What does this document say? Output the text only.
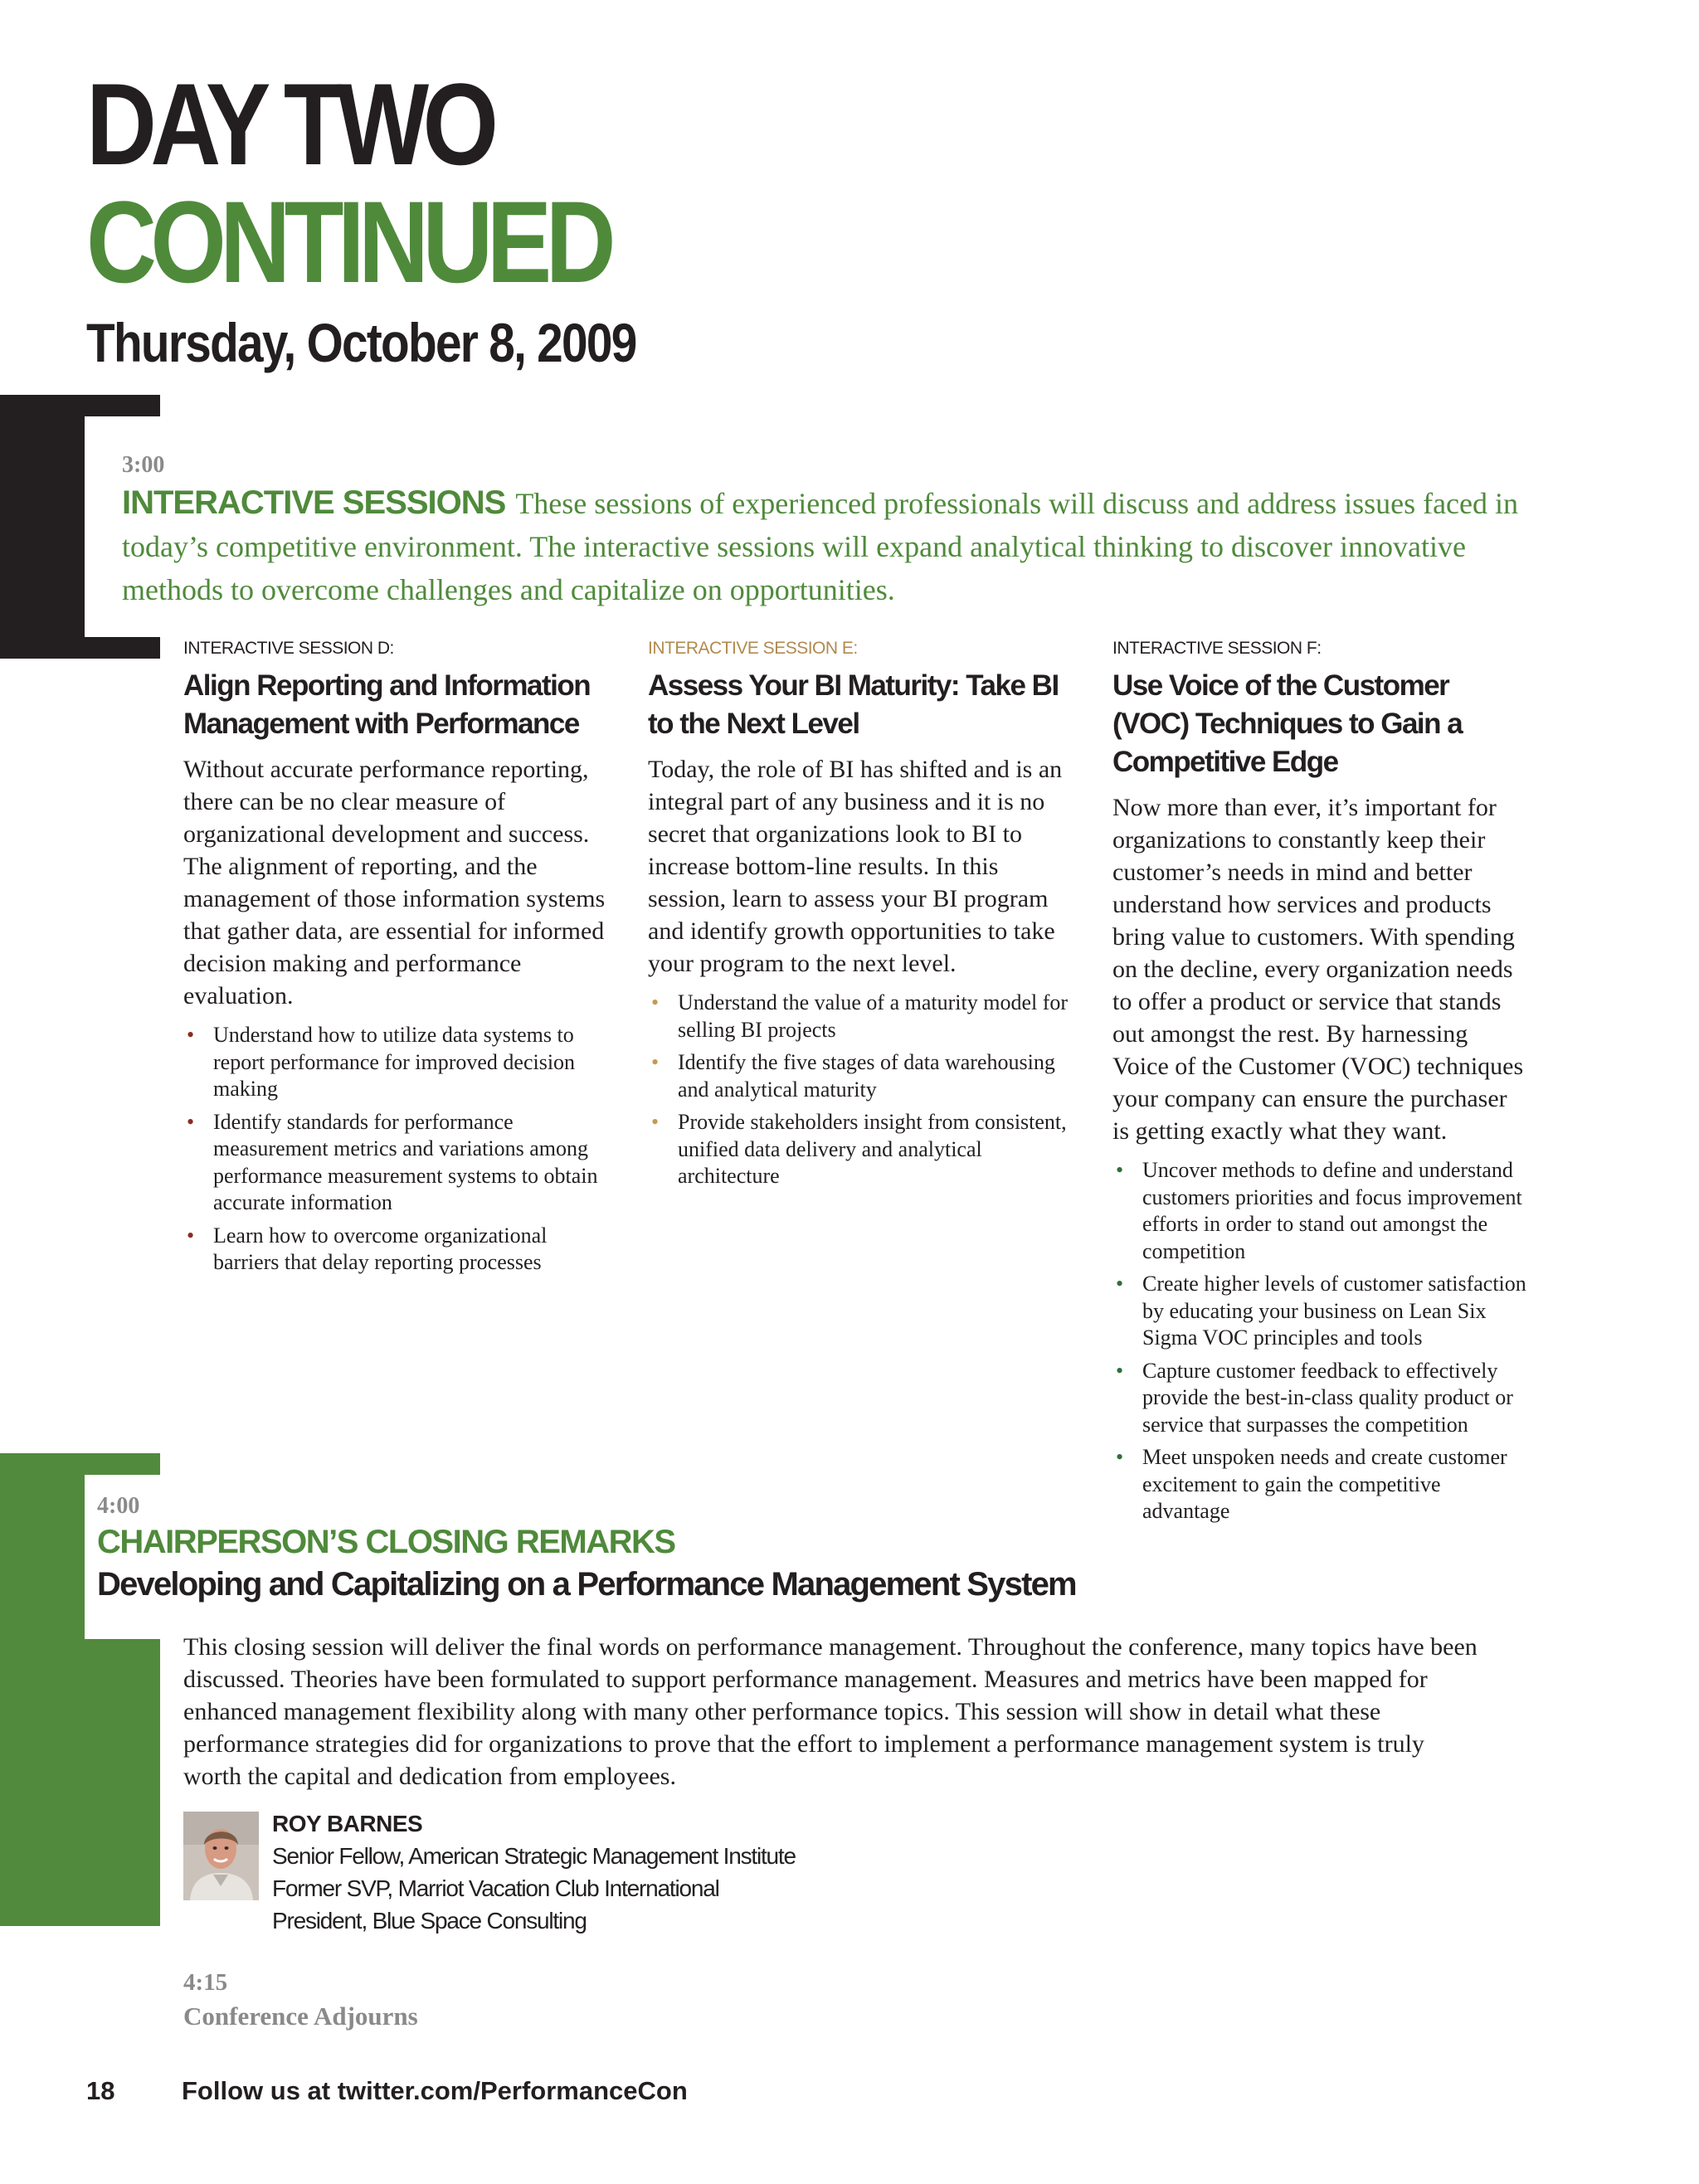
DAY TWO
CONTINUED
Thursday, October 8, 2009
3:00
INTERACTIVE SESSIONS These sessions of experienced professionals will discuss and address issues faced in today’s competitive environment. The interactive sessions will expand analytical thinking to discover innovative methods to overcome challenges and capitalize on opportunities.
INTERACTIVE SESSION D:
Align Reporting and Information Management with Performance
Without accurate performance reporting, there can be no clear measure of organizational development and success. The alignment of reporting, and the management of those information systems that gather data, are essential for informed decision making and performance evaluation.
• Understand how to utilize data systems to report performance for improved decision making
• Identify standards for performance measurement metrics and variations among performance measurement systems to obtain accurate information
• Learn how to overcome organizational barriers that delay reporting processes
INTERACTIVE SESSION E:
Assess Your BI Maturity: Take BI to the Next Level
Today, the role of BI has shifted and is an integral part of any business and it is no secret that organizations look to BI to increase bottom-line results. In this session, learn to assess your BI program and identify growth opportunities to take your program to the next level.
• Understand the value of a maturity model for selling BI projects
• Identify the five stages of data warehousing and analytical maturity
• Provide stakeholders insight from consistent, unified data delivery and analytical architecture
INTERACTIVE SESSION F:
Use Voice of the Customer (VOC) Techniques to Gain a Competitive Edge
Now more than ever, it’s important for organizations to constantly keep their customer’s needs in mind and better understand how services and products bring value to customers. With spending on the decline, every organization needs to offer a product or service that stands out amongst the rest. By harnessing Voice of the Customer (VOC) techniques your company can ensure the purchaser is getting exactly what they want.
• Uncover methods to define and understand customers priorities and focus improvement efforts in order to stand out amongst the competition
• Create higher levels of customer satisfaction by educating your business on Lean Six Sigma VOC principles and tools
• Capture customer feedback to effectively provide the best-in-class quality product or service that surpasses the competition
• Meet unspoken needs and create customer excitement to gain the competitive advantage
4:00
CHAIRPERSON’S CLOSING REMARKS
Developing and Capitalizing on a Performance Management System
This closing session will deliver the final words on performance management. Throughout the conference, many topics have been discussed. Theories have been formulated to support performance management. Measures and metrics have been mapped for enhanced management flexibility along with many other performance topics. This session will show in detail what these performance strategies did for organizations to prove that the effort to implement a performance management system is truly worth the capital and dedication from employees.
ROY BARNES
Senior Fellow, American Strategic Management Institute
Former SVP, Marriot Vacation Club International
President, Blue Space Consulting
4:15
Conference Adjourns
18	Follow us at twitter.com/PerformanceCon
